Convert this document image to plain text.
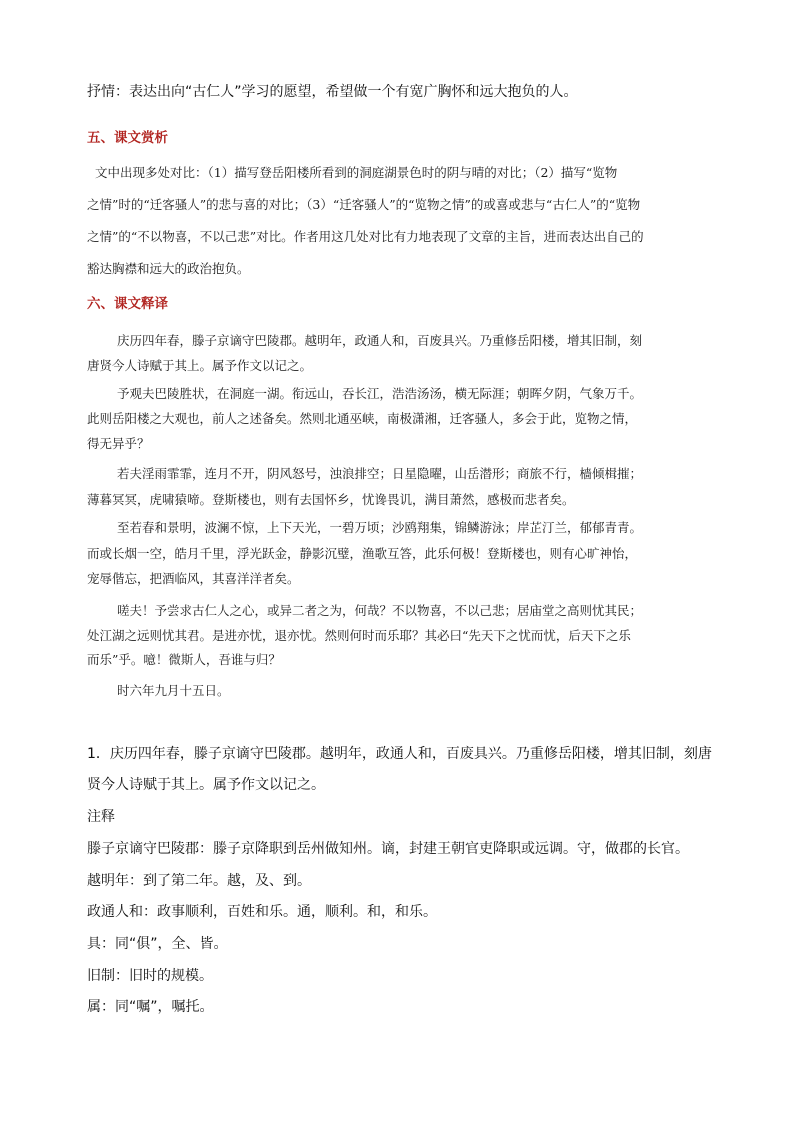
抒情：表达出向“古仁人”学习的愿望，希望做一个有宽广胸怀和远大抱负的人。
五、课文赏析
文中出现多处对比：（1）描写登岳阳楼所看到的洞庭湖景色时的阴与晴的对比；（2）描写“览物
之情”时的“迁客骚人”的悲与喜的对比；（3）“迁客骚人”的“览物之情”的或喜或悲与“古仁人”的“览物
之情”的“不以物喜，不以己悲”对比。作者用这几处对比有力地表现了文章的主旨，进而表达出自己的
豁达胸襟和远大的政治抱负。
六、课文释译
庆历四年春，滕子京谪守巴陵郡。越明年，政通人和，百废具兴。乃重修岳阳楼，增其旧制，刻
唐贤今人诗赋于其上。属予作文以记之。
予观夫巴陵胜状，在洞庭一湖。衔远山，吞长江，浩浩汤汤，横无际涯；朝晖夕阴，气象万千。
此则岳阳楼之大观也，前人之述备矣。然则北通巫峡，南极潇湘，迁客骚人，多会于此，览物之情，
得无异乎？
若夫淫雨霏霏，连月不开，阴风怒号，浊浪排空；日星隐曜，山岳潜形；商旅不行，樯倾楫摧；
薄暮冥冥，虎啸猿啼。登斯楼也，则有去国怀乡，忧谗畏讥，满目萧然，感极而悲者矣。
至若春和景明，波澜不惊，上下天光，一碧万顷；沙鸥翔集，锦鳞游泳；岸芷汀兰，郁郁青青。
而或长烟一空，皓月千里，浮光跃金，静影沉璧，渔歌互答，此乐何极！登斯楼也，则有心旷神怡，
宠辱偕忘，把酒临风，其喜洋洋者矣。
嗟夫！予尝求古仁人之心，或异二者之为，何哉？不以物喜，不以己悲；居庙堂之高则忧其民；
处江湖之远则忧其君。是进亦忧，退亦忧。然则何时而乐耶？其必曰“先天下之忧而忧，后天下之乐
而乐”乎。噫！微斯人，吾谁与归？
时六年九月十五日。
1．庆历四年春，滕子京谪守巴陵郡。越明年，政通人和，百废具兴。乃重修岳阳楼，增其旧制，刻唐
贤今人诗赋于其上。属予作文以记之。
注释
滕子京谪守巴陵郡：滕子京降职到岳州做知州。谪，封建王朝官吏降职或远调。守，做郡的长官。
越明年：到了第二年。越，及、到。
政通人和：政事顺利，百姓和乐。通，顺利。和，和乐。
具：同“俱”，全、皆。
旧制：旧时的规模。
属：同“嘱”，嘱托。
